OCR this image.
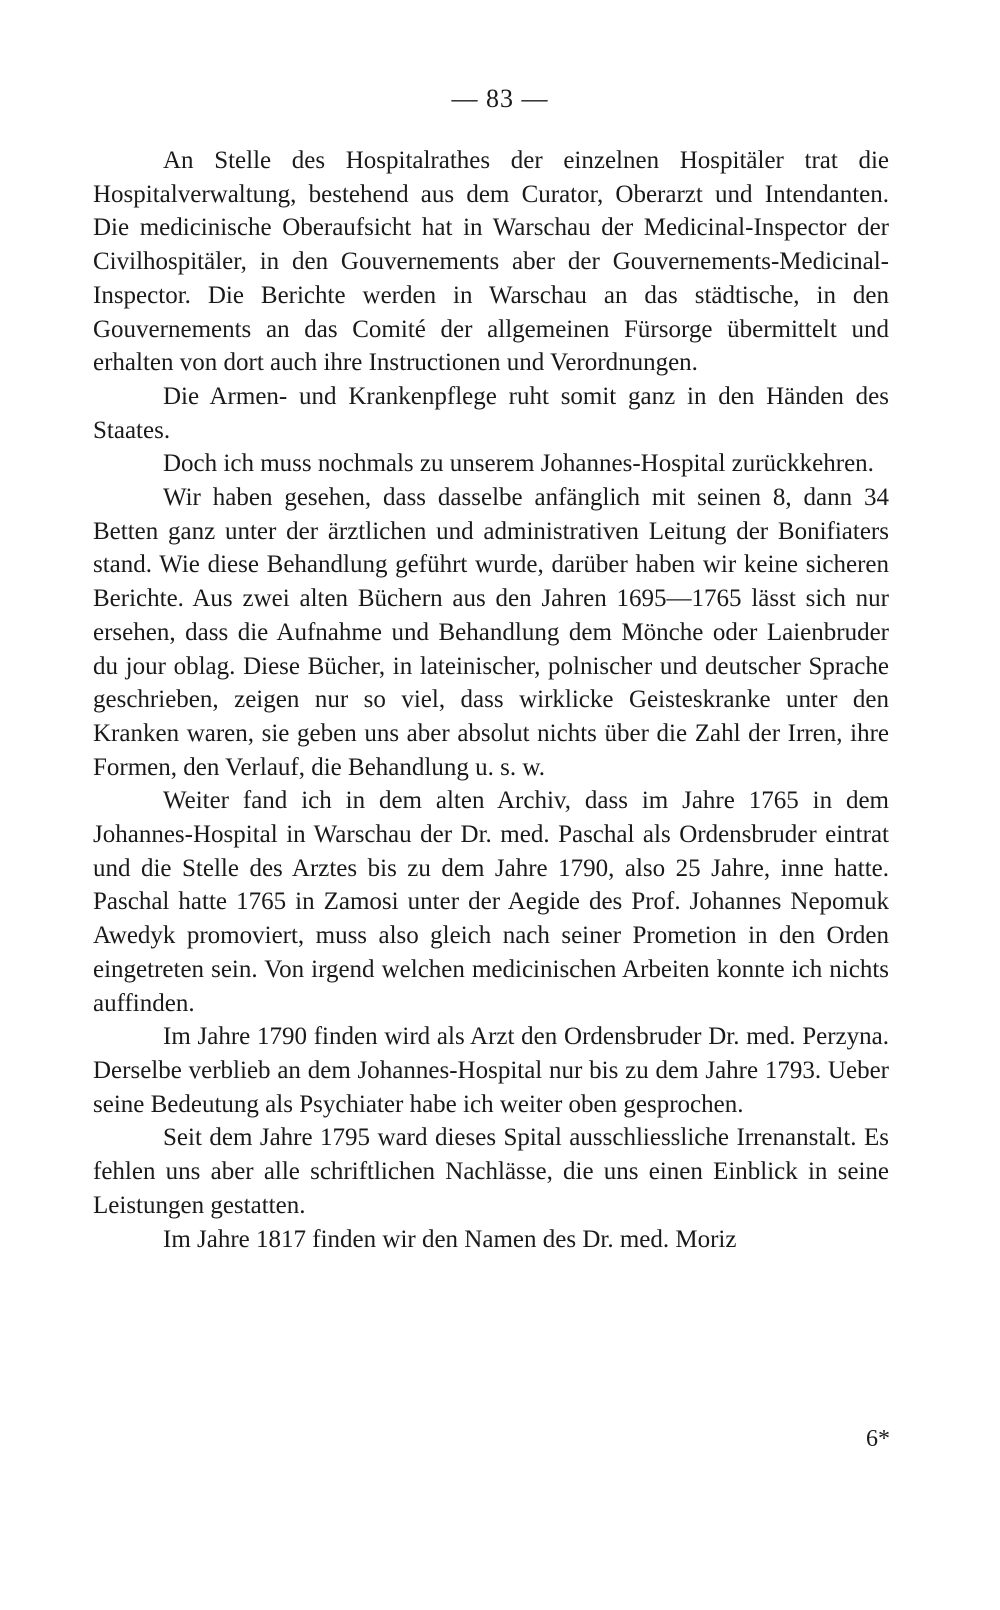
— 83 —

An Stelle des Hospitalrathes der einzelnen Hospitäler trat die Hospitalverwaltung, bestehend aus dem Curator, Oberarzt und Intendanten. Die medicinische Oberaufsicht hat in Warschau der Medicinal-Inspector der Civilhospitäler, in den Gouvernements aber der Gouvernements-Medicinal-Inspector. Die Berichte werden in Warschau an das städtische, in den Gouvernements an das Comité der allgemeinen Fürsorge übermittelt und erhalten von dort auch ihre Instructionen und Verordnungen.

Die Armen- und Krankenpflege ruht somit ganz in den Händen des Staates.

Doch ich muss nochmals zu unserem Johannes-Hospital zurückkehren.

Wir haben gesehen, dass dasselbe anfänglich mit seinen 8, dann 34 Betten ganz unter der ärztlichen und administrativen Leitung der Bonifiaters stand. Wie diese Behandlung geführt wurde, darüber haben wir keine sicheren Berichte. Aus zwei alten Büchern aus den Jahren 1695—1765 lässt sich nur ersehen, dass die Aufnahme und Behandlung dem Mönche oder Laienbruder du jour oblag. Diese Bücher, in lateinischer, polnischer und deutscher Sprache geschrieben, zeigen nur so viel, dass wirklicke Geisteskranke unter den Kranken waren, sie geben uns aber absolut nichts über die Zahl der Irren, ihre Formen, den Verlauf, die Behandlung u. s. w.

Weiter fand ich in dem alten Archiv, dass im Jahre 1765 in dem Johannes-Hospital in Warschau der Dr. med. Paschal als Ordensbruder eintrat und die Stelle des Arztes bis zu dem Jahre 1790, also 25 Jahre, inne hatte. Paschal hatte 1765 in Zamosi unter der Aegide des Prof. Johannes Nepomuk Awedyk promoviert, muss also gleich nach seiner Prometion in den Orden eingetreten sein. Von irgend welchen medicinischen Arbeiten konnte ich nichts auffinden.

Im Jahre 1790 finden wird als Arzt den Ordensbruder Dr. med. Perzyna. Derselbe verblieb an dem Johannes-Hospital nur bis zu dem Jahre 1793. Ueber seine Bedeutung als Psychiater habe ich weiter oben gesprochen.

Seit dem Jahre 1795 ward dieses Spital ausschliessliche Irrenanstalt. Es fehlen uns aber alle schriftlichen Nachlässe, die uns einen Einblick in seine Leistungen gestatten.

Im Jahre 1817 finden wir den Namen des Dr. med. Moriz

6*
